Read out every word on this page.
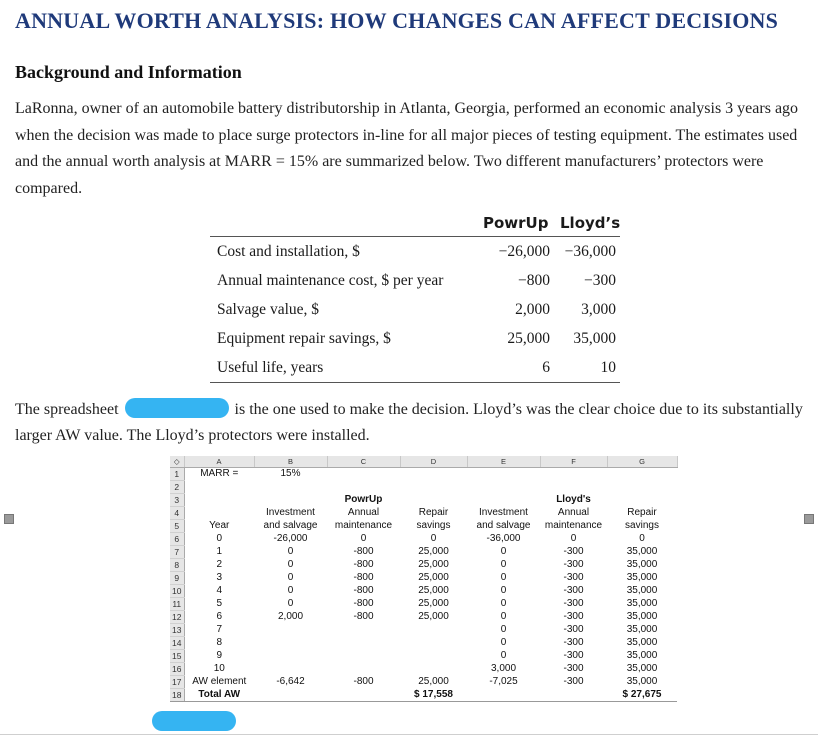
ANNUAL WORTH ANALYSIS: HOW CHANGES CAN AFFECT DECISIONS
Background and Information
LaRonna, owner of an automobile battery distributorship in Atlanta, Georgia, performed an economic analysis 3 years ago when the decision was made to place surge protectors in-line for all major pieces of testing equipment. The estimates used and the annual worth analysis at MARR = 15% are summarized below. Two different manufacturers’ protectors were compared.
PowrUp Lloyd’s
Cost and installation, $	−26,000 −36,000
Annual maintenance cost, $ per year	−800 −300
Salvage value, $	2,000 3,000
Equipment repair savings, $	25,000 35,000
Useful life, years	6	10
The spreadsheet	is the one used to make the decision. Lloyd’s was the clear choice due to its substantially larger AW value. The Lloyd’s protectors were installed.
◇	A	B	C	D	E	F	G
1	MARR =	15%					
2							
3			PowrUp			Lloyd's	
4		Investment	Annual	Repair	Investment	Annual	Repair
5	Year	and salvage	maintenance	savings	and salvage	maintenance	savings
6	0	-26,000	0	0	-36,000	0	0
7	1	0	-800	25,000	0	-300	35,000
8	2	0	-800	25,000	0	-300	35,000
9	3	0	-800	25,000	0	-300	35,000
10	4	0	-800	25,000	0	-300	35,000
11	5	0	-800	25,000	0	-300	35,000
12	6	2,000	-800	25,000	0	-300	35,000
13	7				0	-300	35,000
14	8				0	-300	35,000
15	9				0	-300	35,000
16	10				3,000	-300	35,000
17	AW element	-6,642	-800	25,000	-7,025	-300	35,000
18	Total AW			$ 17,558			$ 27,675
